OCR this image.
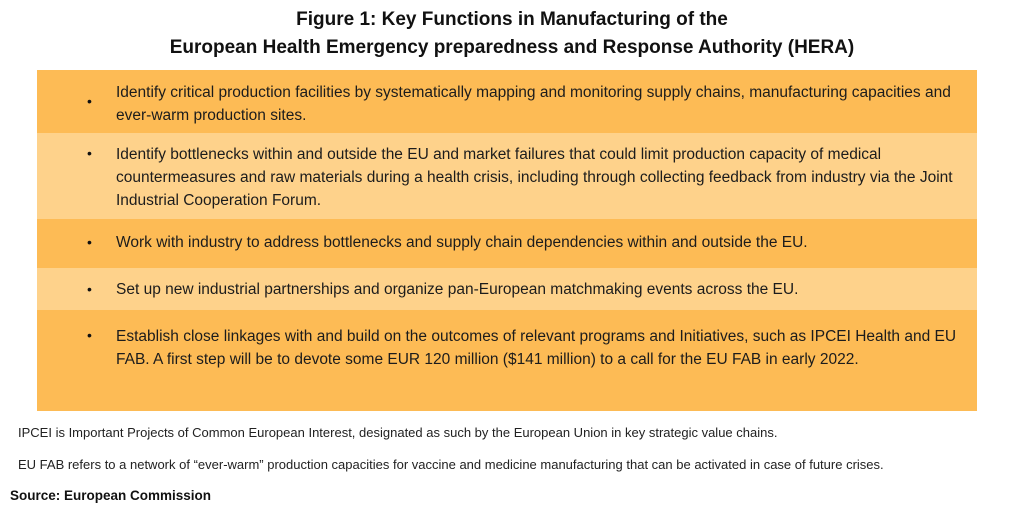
Figure 1: Key Functions in Manufacturing of the
European Health Emergency preparedness and Response Authority (HERA)
• Identify critical production facilities by systematically mapping and monitoring supply chains, manufacturing capacities and ever-warm production sites.
• Identify bottlenecks within and outside the EU and market failures that could limit production capacity of medical countermeasures and raw materials during a health crisis, including through collecting feedback from industry via the Joint Industrial Cooperation Forum.
• Work with industry to address bottlenecks and supply chain dependencies within and outside the EU.
• Set up new industrial partnerships and organize pan-European matchmaking events across the EU.
• Establish close linkages with and build on the outcomes of relevant programs and Initiatives, such as IPCEI Health and EU FAB. A first step will be to devote some EUR 120 million ($141 million) to a call for the EU FAB in early 2022.
IPCEI is Important Projects of Common European Interest, designated as such by the European Union in key strategic value chains.
EU FAB refers to a network of “ever-warm” production capacities for vaccine and medicine manufacturing that can be activated in case of future crises.
Source: European Commission
